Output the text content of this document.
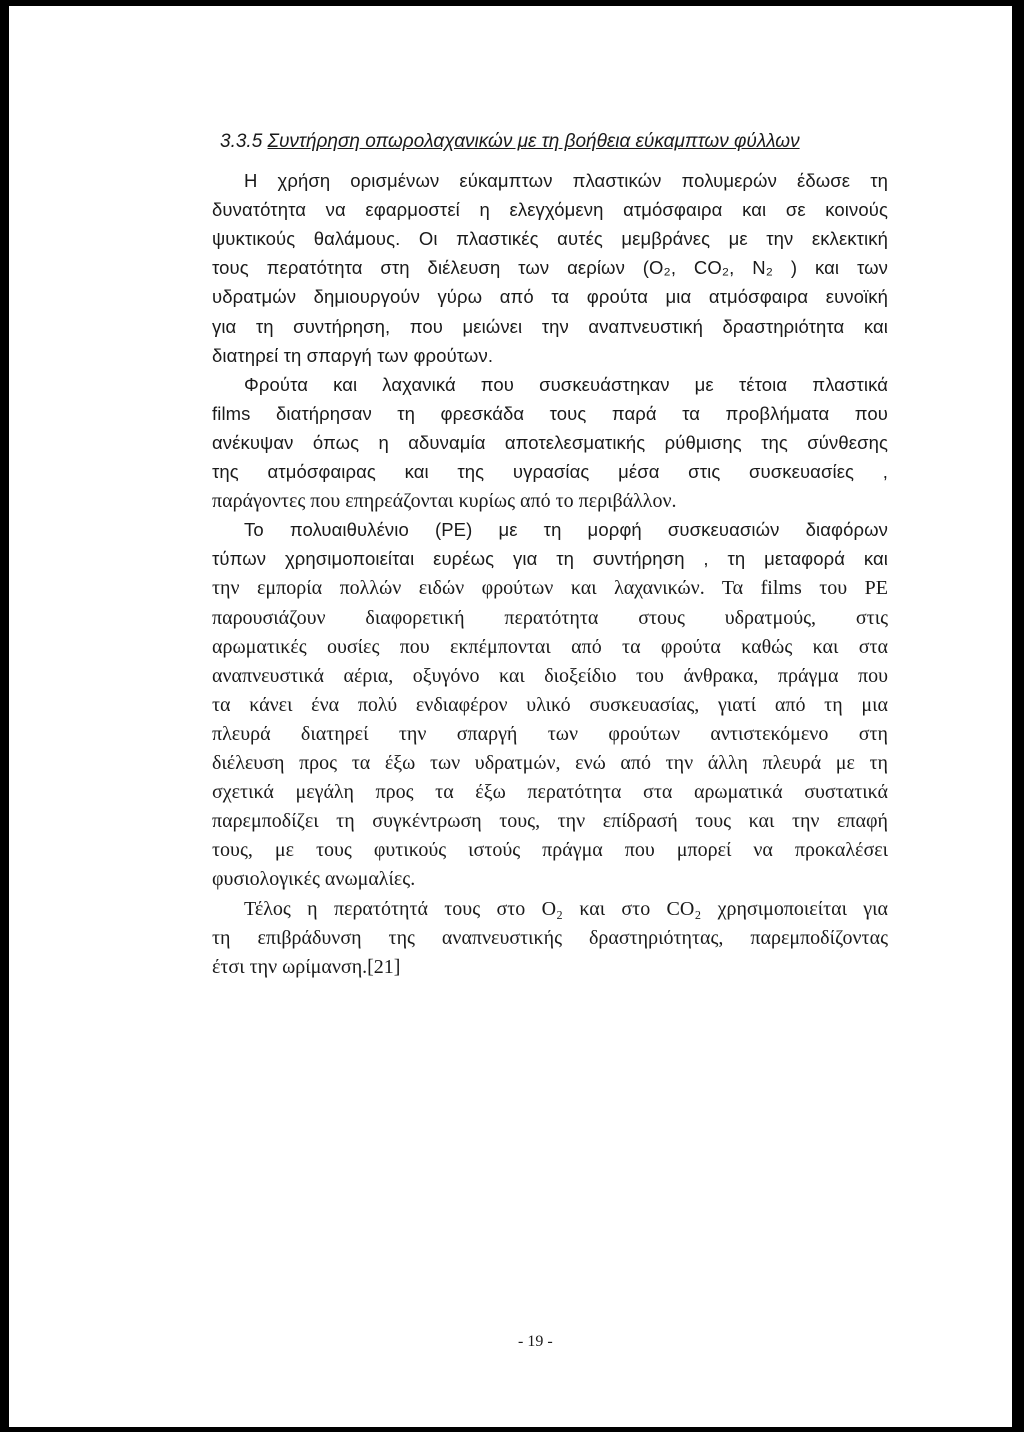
3.3.5 Συντήρηση οπωρολαχανικών με τη βοήθεια εύκαμπτων φύλλων
Η χρήση ορισμένων εύκαμπτων πλαστικών πολυμερών έδωσε τη
δυνατότητα να εφαρμοστεί η ελεγχόμενη ατμόσφαιρα και σε κοινούς
ψυκτικούς θαλάμους. Οι πλαστικές αυτές μεμβράνες με την εκλεκτική
τους περατότητα στη διέλευση των αερίων (O₂, CO₂, N₂ ) και των
υδρατμών δημιουργούν γύρω από τα φρούτα μια ατμόσφαιρα ευνοϊκή
για τη συντήρηση, που μειώνει την αναπνευστική δραστηριότητα και
διατηρεί τη σπαργή των φρούτων.
Φρούτα και λαχανικά που συσκευάστηκαν με τέτοια πλαστικά
films διατήρησαν τη φρεσκάδα τους παρά τα προβλήματα που
ανέκυψαν όπως η αδυναμία αποτελεσματικής ρύθμισης της σύνθεσης
της ατμόσφαιρας και της υγρασίας μέσα στις συσκευασίες ,
παράγοντες που επηρεάζονται κυρίως από το περιβάλλον.
Το πολυαιθυλένιο (PE) με τη μορφή συσκευασιών διαφόρων
τύπων χρησιμοποιείται ευρέως για τη συντήρηση , τη μεταφορά και
την εμπορία πολλών ειδών φρούτων και λαχανικών. Τα films του PE
παρουσιάζουν διαφορετική περατότητα στους υδρατμούς, στις
αρωματικές ουσίες που εκπέμπονται από τα φρούτα καθώς και στα
αναπνευστικά αέρια, οξυγόνο και διοξείδιο του άνθρακα, πράγμα που
τα κάνει ένα πολύ ενδιαφέρον υλικό συσκευασίας, γιατί από τη μια
πλευρά διατηρεί την σπαργή των φρούτων αντιστεκόμενο στη
διέλευση προς τα έξω των υδρατμών, ενώ από την άλλη πλευρά με τη
σχετικά μεγάλη προς τα έξω περατότητα στα αρωματικά συστατικά
παρεμποδίζει τη συγκέντρωση τους, την επίδρασή τους και την επαφή
τους, με τους φυτικούς ιστούς πράγμα που μπορεί να προκαλέσει
φυσιολογικές ανωμαλίες.
Τέλος η περατότητά τους στο O₂ και στο CO₂ χρησιμοποιείται για
τη επιβράδυνση της αναπνευστικής δραστηριότητας, παρεμποδίζοντας
έτσι την ωρίμανση.[21]
- 19 -
